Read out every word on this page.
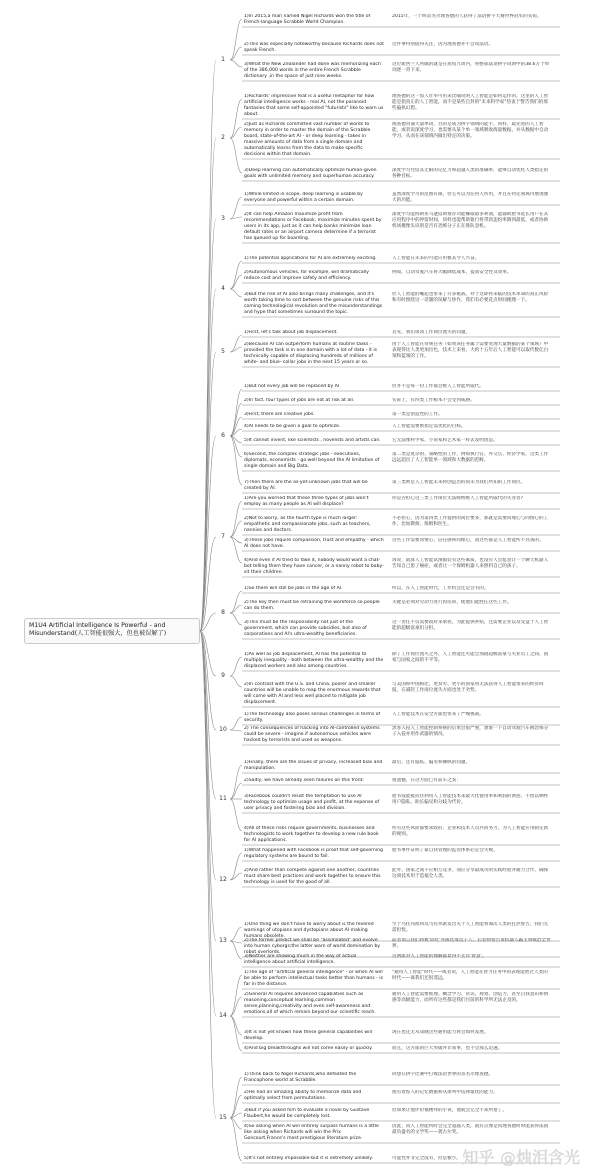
M1U4 Artificial Intelligence Is Powerful - and Misunderstand(人工智能很强大，但也被误解了)
1
1)In 2015,a man named Nigel Richards won the title of French-language Scrabble World Champion.
2015年，一个叫奈杰尔理查德的人获得了法语拼字大赛世界冠军的头衔。
2)This was especially noteworthy because Richards does not speak French.
这件事特别值得关注，因为理查德并不会说法语。
3)What the New Zealander had done was memorizing each of the 386,000 words in the entire French Scrabble dictionary ,in the space of just nine weeks.
这位新西兰人所做的就是在短短九周内，将整部法语拼字词典中的38.6万个单词逐一背下来。
2
1)Richards' impressive feat is a useful metaphor for how artificial intelligence works - real AI, not the paranoid fantasies that some self-appointed "futurists" like to warn us about.
理查德的这一惊人壮举可用来比喻说明人工智能是如何运作的。这里的人工智能是指真正的人工智能，而不是某些自封的"未来科学家"热衷于警告我们的那些偏执幻想。
2)Just as Richards committed vast number of words to memory in order to master the domain of the Scrabble board, state-of-the-art AI - or deep learning - takes in massive amounts of data from a single domain and automatically learns from the data to make specific decisions within that domain.
理查德背诵大量单词，目的是成为拼字领域的能手。同样，最先进的人工智能，或者说深度学习，也需要从某个单一领域吸收海量数据，并从数据中自动学习，从而在该领域内做出特定的决策。
3)Deep learning can automatically optimize human-given goals with unlimited memory and superhuman accuracy.
深度学习凭借其无限的记忆力和超越人类的准确率，能够自动优化人类指定的各种目标。
3
1)While limited in scope, deep learning is usable by everyone and powerful within a certain domain.
虽然深度学习的范围有限，但它可以为任何人所用，并且在特定领域内展现强大的功能。
2)It can help Amazon maximize profit from recommendations or Facebook, maximize minutes spent by users in its app, just as it can help banks minimize loan default rates or an airport camera determine if a terrorist has queued up for boarding.
深度学习能协助亚马逊借助推荐功能赚取最多利润，能辅助脸书延长用户在其应用程序中的停留时间，同样也能帮助银行将贷款违约率降到最低，或者协助机场摄像头识别是否有恐怖分子正在排队登机。
4
1)The potential applications for AI are extremely exciting.	人工智能在未来的可能应用极其令人兴奋。
2)Autonomous vehicles, for example, will dramatically reduce cost and improve safety and efficiency.
例如，自动驾驶汽车将大幅降低成本，提高安全性及效率。
3)But the rise of AI also brings many challenges, and it's worth taking time to sort between the genuine risks of this coming technological revolution and the misunderstandings and hype that sometimes surround the topic.
但人工智能的崛起也带来了许多挑战。对于这即将来临的技术革命的真正风险和有时围绕这一话题的误解与炒作，我们有必要花点时间梳理一下。
5
1)First, let's talk about job displacement.	首先，我们谈谈工作岗位流失的问题。
2)Because AI can outperform humans at routine tasks - provided the task is in one domain with a lot of data - it is technically capable of displacing hundreds of millions of white- and blue- collar jobs in the next 15 years or so.
由于人工智能在常规任务（如果该任务属于需要处理大量数据的某个领域）中表现得比人类更加出色，技术上来看，大约十五年后人工智能可以取代数亿白领和蓝领的工作。
6
1)But not every job will be replaced by AI	但并不是每一份工作都会被人工智能所取代。
2)In fact, four types of jobs are not at risk at all.	实际上，有四类工作根本不会受到威胁。
3)First, there are creative jobs.	第一类是创造性的工作。
4)AI needs to be given a goal to optimize.	人工智能需要被指定需优化的目标。
5)It cannot invent, like scientists , novelists and artists can.	它无法像科学家、小说家和艺术家一样去发明创造。
6)Second, the complex strategic jobs - executives, diplomats, economists - go well beyond the AI limitation of single domain and Big Data.
第二类是复杂的、策略性的工作，例如执行官、外交官、经济学家，这类工作远远超出了人工智能单一领域和大数据的范畴。
7)Then there are the as-yet-unknown jobs that will be created by AI.
第三类则是人工智能未来将创造出的尚未为我们所知的工作岗位。
7
1)Are you worried that these three types of jobs won't employ as many people as AI will displace?
你是否担心这三类工作岗位无法吸纳被人工智能所取代的失业者?
2)Not to worry, as the fourth type is much larger: empathetic and compassionate jobs, such as teachers, nannies and doctors.
不必担心，因为第四类工作提供的岗位要多，那就是需要同理心与同情心的工作，比如教师、保姆和医生。
3)These jobs require compassion, trust and empathy - which AI does not have.
这些工作需要同情心、信任感和同理心，而这些都是人工智能所不具备的。
4)And even if AI tried to fake it, nobody would want a chat-bot telling them they have cancer, or a nanny robot to baby-sit their children.
再说，就算人工智能试图假装有这些素质，也没有人会愿意让一个聊天机器人告知自己患了癌症，或者让一个保姆机器人来照料自己的孩子。
8
1)So there will still be jobs in the age of AI.	所以，在人工智能时代，工作机会还是会有的。
2)The key then must be retraining the workforce so people can do them.
关键是必须对劳动力进行再培训，使他们能胜任这些工作。
3)This must be the responsibility not just of the government, which can provide subsidies, but also of corporations and AI's ultra-wealthy beneficiaries.
这一责任不仅需要政府来承担，为此提供补贴，还需要企业以及受益于人工智能的超级富豪们分担。
9
1)As well as job displacement, AI has the potential to multiply inequality - both between the ultra-wealthy and the displaced workers and also among countries.
除了工作岗位流失之外，人工智能还可能会加剧超级富豪与失业员工之间、国家与国家之间的不平等。
2)In contrast with the U.S. and China, poorer and smaller countries will be unable to reap the enormous rewards that will come with AI and less well placed to mitigate job displacement.
与美国和中国相比，更贫穷、更小的国家将无法获得人工智能带来的经济回报，在减轻工作岗位流失方面也处于劣势。
10
1)The technology also poses serious challenges in terms of security.
人工智能技术在安全方面也带来了严峻挑战。
2) The consequences of hacking into AI-controlled systems could be severe - imagine if autonomous vehicles were hacked by terrorists and used as weapons.
黑客入侵人工智能控制系统的后果会很严重，想象一下自动驾驶汽车被恐怖分子入侵并用作武器的情况。
11
1)Finally, there are the issues of privacy, increased bias and manipulation.
最后，还有隐私、偏见和操纵的问题。
2)Sadly, we have already seen failures on this front:	很遗憾，在这方面已有前车之鉴：
3)Facebook couldn't resist the temptation to use AI technology to optimize usage and profit, at the expense of user privacy and fostering bias and division.
脸书没能抵抗住利用人工智能技术来最大化使用率和利润的诱惑，不惜以牺牲用户隐私、助长偏见和分歧为代价。
4)All of these risks require governments, businesses and technologists to work together to develop a new rule book for AI applications.
所有这些风险都要求政府、企业和技术人员共同努力，为人工智能应用制定新的规则。
12
1)What happened with Facebook is proof that self-governing regulatory systems are bound to fail.
脸书事件证明了靠自我管理的监管体系必定会失败。
2)And rather than compete against one another, countries must share best practices and work together to ensure this technology is used for the good of all.
此外，国家之间不应相互竞争，而应分享最成功的实践经验并通力合作，确保这项技术用于造福全人类。
13
1)One thing we don't have to worry about is the fevered warnings of utopians and dystopians about AI making humans obsolete.
至于乌托邦派和反乌托邦派发出关于人工智能将淘汰人类的狂热警告，我们无需担忧。
2)The former predict we shall be "assimilated" and evolve into human cyborgs;the latter warn of world domination by robot overlords.
前者预言我们将被'同化'并演化成电子人；后者则警告说机器人霸主将统治全世界。
3)Neither are showing much in the way of actual intelligence about artificial intelligence.
这两派对人工智能的理解都显得不太有'智慧'。
14
1)The age of "artificial general intelligence" - or when AI will be able to perform intellectual tasks better than humans - is far in the distance.
"通用人工智能"时代——或者说，人工智能在智力任务中的表现能胜过人类的时代——离我们还很遥远。
2)General AI requires advanced capabilities such as reasoning,conceptual learning,common sense,planning,creativity and even self-awareness and emotions,all of which remain beyond our scientific reach.
通用人工智能需要推理、概念学习、常识、规划、创造力，甚至自我意识和情感等高级能力，而所有这些都是我们目前的科学所无法企及的。
3)It is not yet known how these general capabilities will develop.
现在也还无从知晓这些通用能力将会如何发展。
4)And big breakthroughs will not come easily or quickly.	而且，这方面的巨大突破并非易事，也不会那么迅速。
15
1)Think back to Nigel Richards,who defeated the Francophone world at Scrabble.
回想在拼字比赛中打败法语世界的奈杰尔理查德。
2)He had an amazing ability to memorize data and optimally select from permutations.
他有着惊人的记忆数据和从排列中选择最优的能力。
3)But if you asked him to evaluate a novel by Gustave Flaubert,he would be completely lost.
但如果让他评价福楼拜的小说，他就会完全不知所措了。
4)So asking when AI will entirely surpass humans is a little like asking when Richards will win the Prix Goncourt,France's most prestigious literature prize.
因此，问人工智能何时会完全超越人类，就有点像是问理查德何时能获得法国最负盛名的文学奖——龚古尔奖。
5)It's not entirely impossible-but it is extremely unlikely.	可能性并非完全没有，但是极小。 知乎 @烛泪含光
